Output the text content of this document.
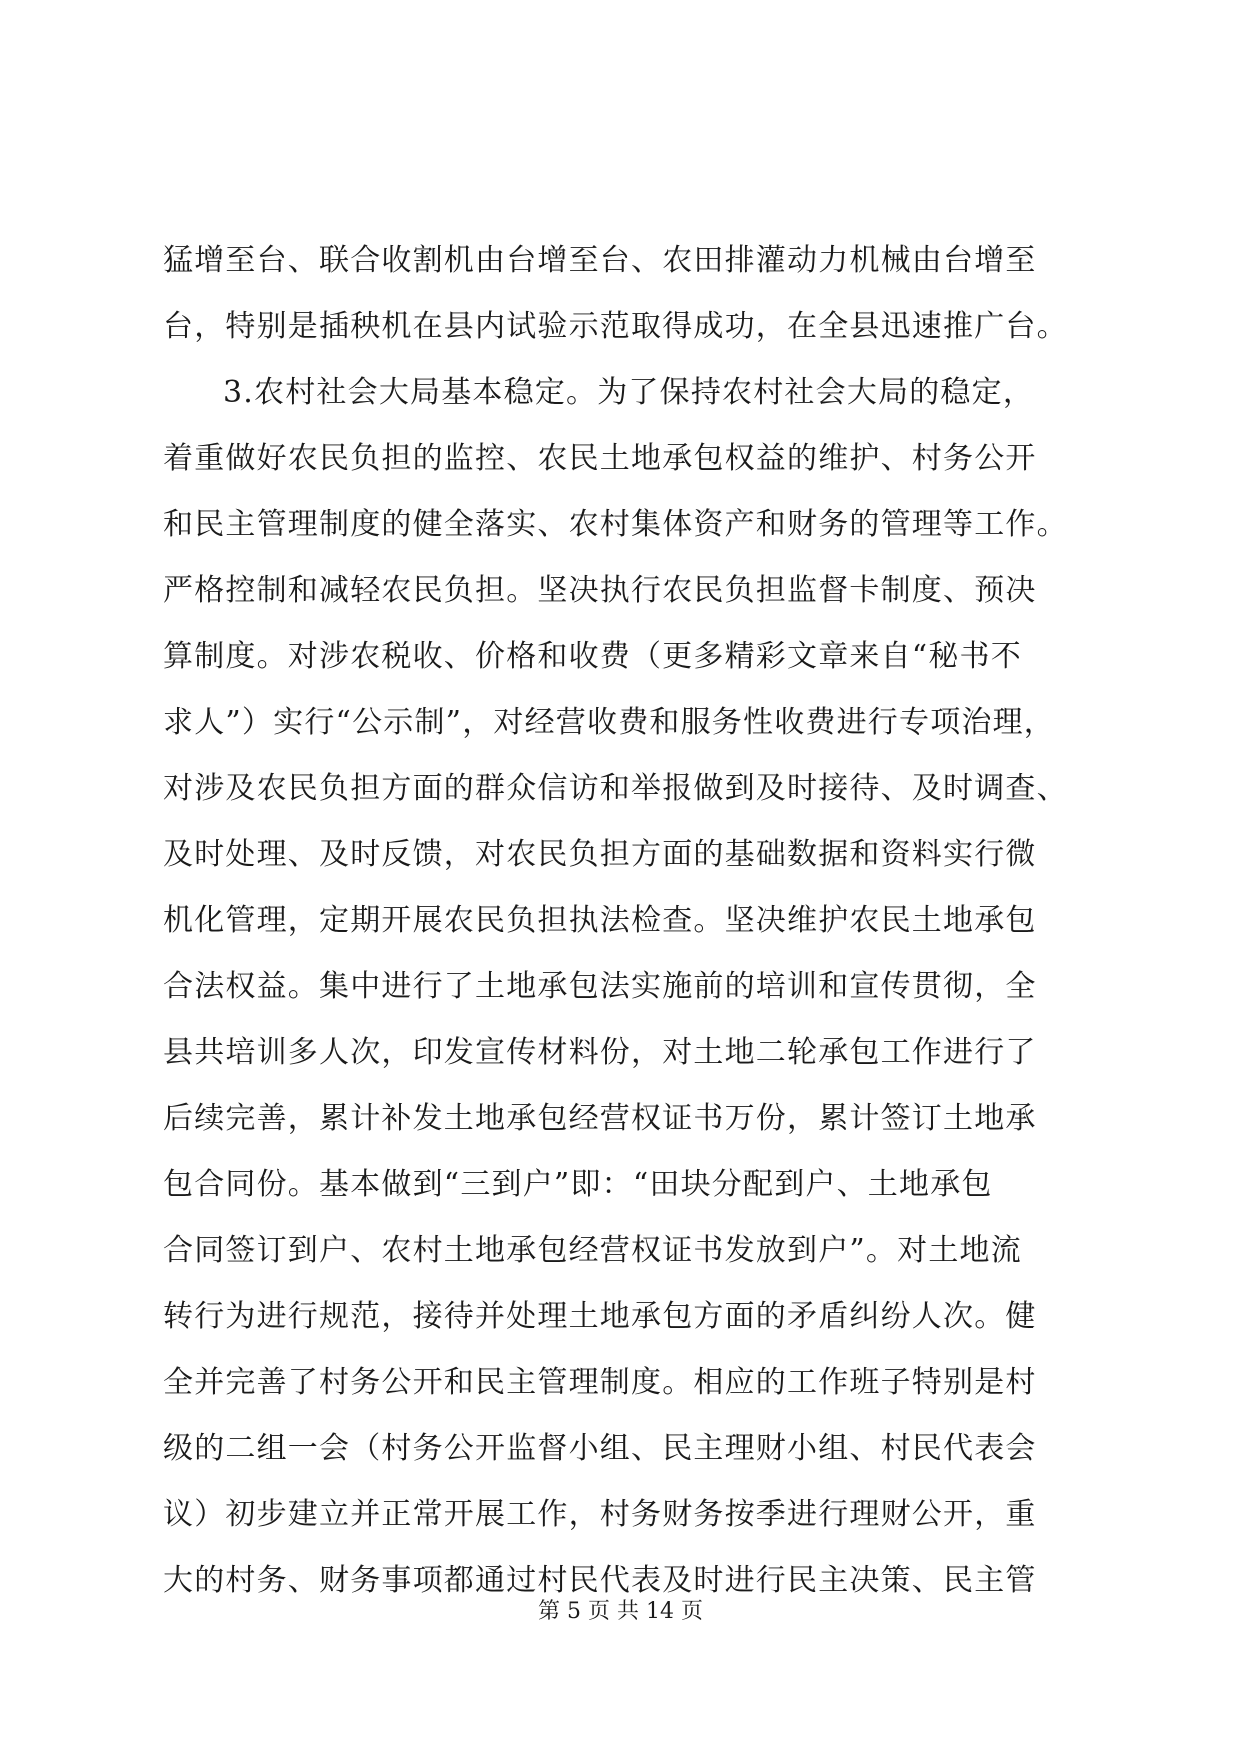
猛增至台、联合收割机由台增至台、农田排灌动力机械由台增至
台，特别是插秧机在县内试验示范取得成功，在全县迅速推广台。
3.农村社会大局基本稳定。为了保持农村社会大局的稳定，
着重做好农民负担的监控、农民土地承包权益的维护、村务公开
和民主管理制度的健全落实、农村集体资产和财务的管理等工作。
严格控制和减轻农民负担。坚决执行农民负担监督卡制度、预决
算制度。对涉农税收、价格和收费（更多精彩文章来自“秘书不
求人”）实行“公示制”，对经营收费和服务性收费进行专项治理，
对涉及农民负担方面的群众信访和举报做到及时接待、及时调查、
及时处理、及时反馈，对农民负担方面的基础数据和资料实行微
机化管理，定期开展农民负担执法检查。坚决维护农民土地承包
合法权益。集中进行了土地承包法实施前的培训和宣传贯彻，全
县共培训多人次，印发宣传材料份，对土地二轮承包工作进行了
后续完善，累计补发土地承包经营权证书万份，累计签订土地承
包合同份。基本做到“三到户”即：“田块分配到户、土地承包
合同签订到户、农村土地承包经营权证书发放到户”。对土地流
转行为进行规范，接待并处理土地承包方面的矛盾纠纷人次。健
全并完善了村务公开和民主管理制度。相应的工作班子特别是村
级的二组一会（村务公开监督小组、民主理财小组、村民代表会
议）初步建立并正常开展工作，村务财务按季进行理财公开，重
大的村务、财务事项都通过村民代表及时进行民主决策、民主管
第 5 页 共 14 页
